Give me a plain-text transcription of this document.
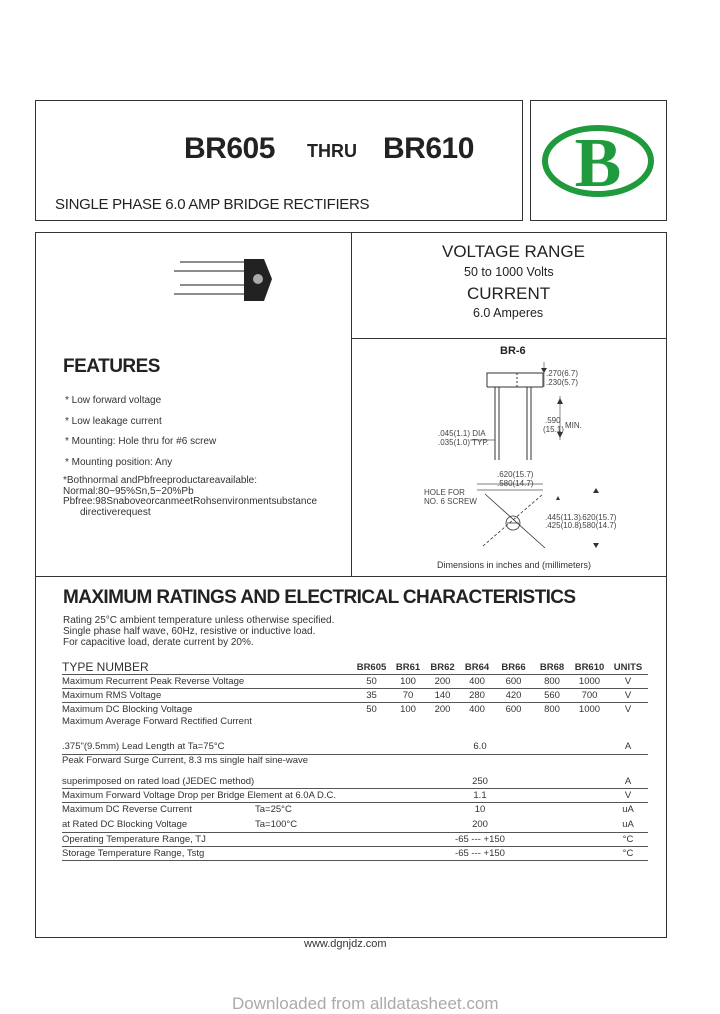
BR605 THRU BR610
SINGLE PHASE 6.0 AMP BRIDGE RECTIFIERS
B
VOLTAGE RANGE
50 to 1000 Volts
CURRENT
6.0 Amperes
FEATURES
* Low forward voltage
* Low leakage current
* Mounting: Hole thru for #6 screw
* Mounting position: Any
*Bothnormal andPbfreeproductareavailable:
Normal:80~95%Sn,5~20%Pb
Pbfree:98SnaboveorcanmeetRohsenvironmentsubstance
directiverequest
BR-6
.270(6.7)
.230(5.7)
.045(1.1) DIA
.035(1.0) TYP.
.590
(15.1) MIN.
.620(15.7)
.580(14.7)
HOLE FOR
NO. 6 SCREW
.445(11.3)
.425(10.8)
.620(15.7)
.580(14.7)
Dimensions in inches and (millimeters)
MAXIMUM RATINGS AND ELECTRICAL CHARACTERISTICS
Rating 25°C ambient temperature unless otherwise specified.
Single phase half wave, 60Hz, resistive or inductive load.
For capacitive load, derate current by 20%.
TYPE NUMBER	BR605	BR61	BR62	BR64	BR66	BR68	BR610	UNITS
Maximum Recurrent Peak Reverse Voltage	50	100	200	400	600	800	1000	V
Maximum RMS Voltage	35	70	140	280	420	560	700	V
Maximum DC Blocking Voltage	50	100	200	400	600	800	1000	V
Maximum Average Forward Rectified Current								
.375"(9.5mm) Lead Length at Ta=75°C	6.0							A
Peak Forward Surge Current, 8.3 ms single half sine-wave								
superimposed on rated load (JEDEC method)	250							A
Maximum Forward Voltage Drop per Bridge Element at 6.0A D.C.	1.1							V
Maximum DC Reverse Current Ta=25°C	10							uA
at Rated DC Blocking Voltage Ta=100°C	200							uA
Operating Temperature Range, TJ	-65 --- +150							°C
Storage Temperature Range, Tstg	-65 --- +150							°C
www.dgnjdz.com
Downloaded from alldatasheet.com
